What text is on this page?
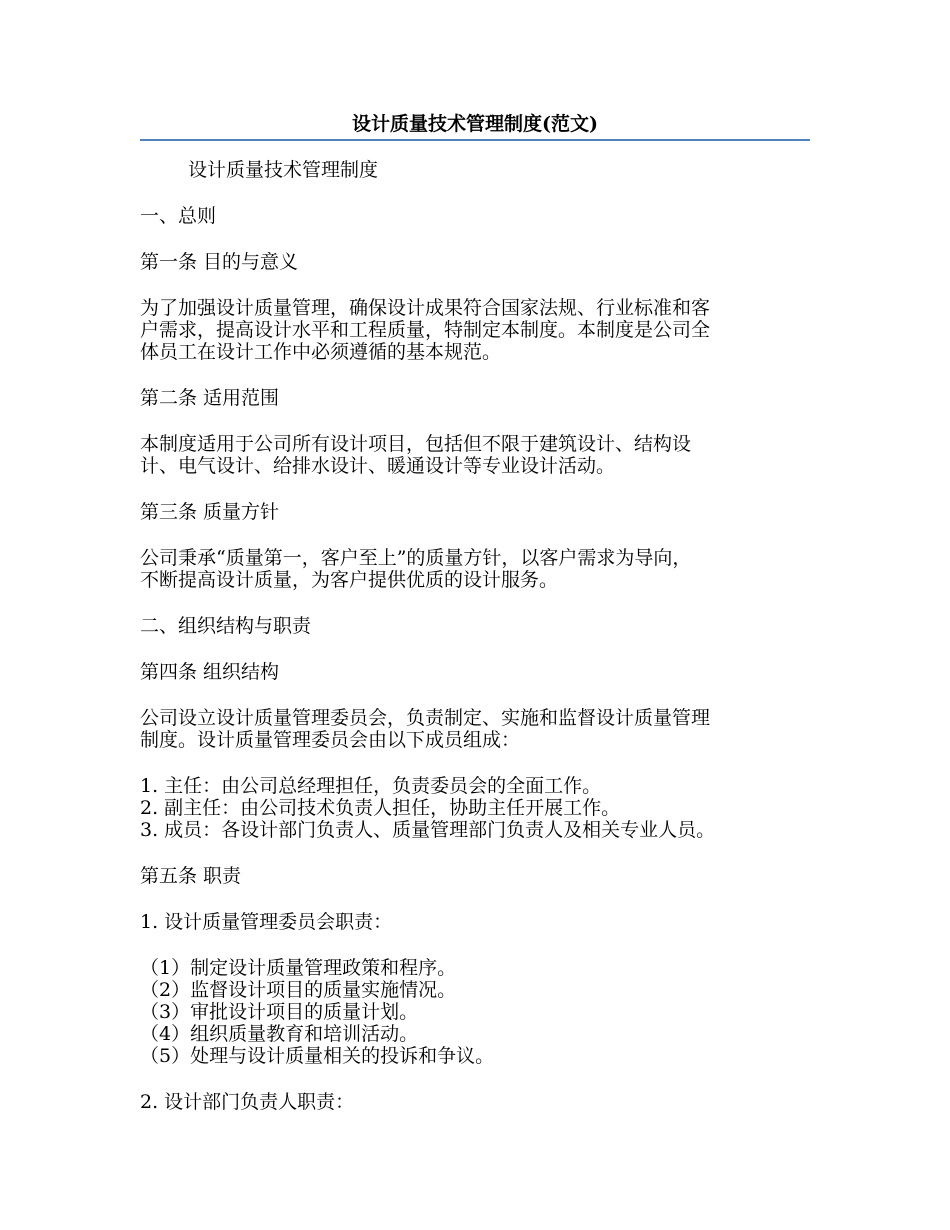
设计质量技术管理制度(范文)
设计质量技术管理制度
一、总则
第一条 目的与意义
为了加强设计质量管理，确保设计成果符合国家法规、行业标准和客
户需求，提高设计水平和工程质量，特制定本制度。本制度是公司全
体员工在设计工作中必须遵循的基本规范。
第二条 适用范围
本制度适用于公司所有设计项目，包括但不限于建筑设计、结构设
计、电气设计、给排水设计、暖通设计等专业设计活动。
第三条 质量方针
公司秉承“质量第一，客户至上”的质量方针，以客户需求为导向，
不断提高设计质量，为客户提供优质的设计服务。
二、组织结构与职责
第四条 组织结构
公司设立设计质量管理委员会，负责制定、实施和监督设计质量管理
制度。设计质量管理委员会由以下成员组成：
1. 主任：由公司总经理担任，负责委员会的全面工作。
2. 副主任：由公司技术负责人担任，协助主任开展工作。
3. 成员：各设计部门负责人、质量管理部门负责人及相关专业人员。
第五条 职责
1. 设计质量管理委员会职责：
（1）制定设计质量管理政策和程序。
（2）监督设计项目的质量实施情况。
（3）审批设计项目的质量计划。
（4）组织质量教育和培训活动。
（5）处理与设计质量相关的投诉和争议。
2. 设计部门负责人职责：
